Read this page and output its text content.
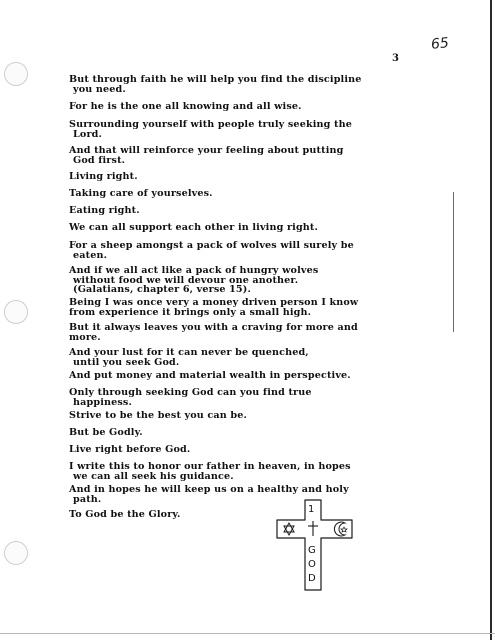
3
65
But through faith he will help you find the discipline
you need.
For he is the one all knowing and all wise.
Surrounding yourself with people truly seeking the
Lord.
And that will reinforce your feeling about putting
God first.
Living right.
Taking care of yourselves.
Eating right.
We can all support each other in living right.
For a sheep amongst a pack of wolves will surely be
eaten.
And if we all act like a pack of hungry wolves
without food we will devour one another.
(Galatians, chapter 6, verse 15).
Being I was once very a money driven person I know
from experience it brings only a small high.
But it always leaves you with a craving for more and
more.
And your lust for it can never be quenched,
until you seek God.
And put money and material wealth in perspective.
Only through seeking God can you find true
happiness.
Strive to be the best you can be.
But be Godly.
Live right before God.
I write this to honor our father in heaven, in hopes
we can all seek his guidance.
And in hopes he will keep us on a healthy and holy
path.
To God be the Glory.	1
G
O
D
